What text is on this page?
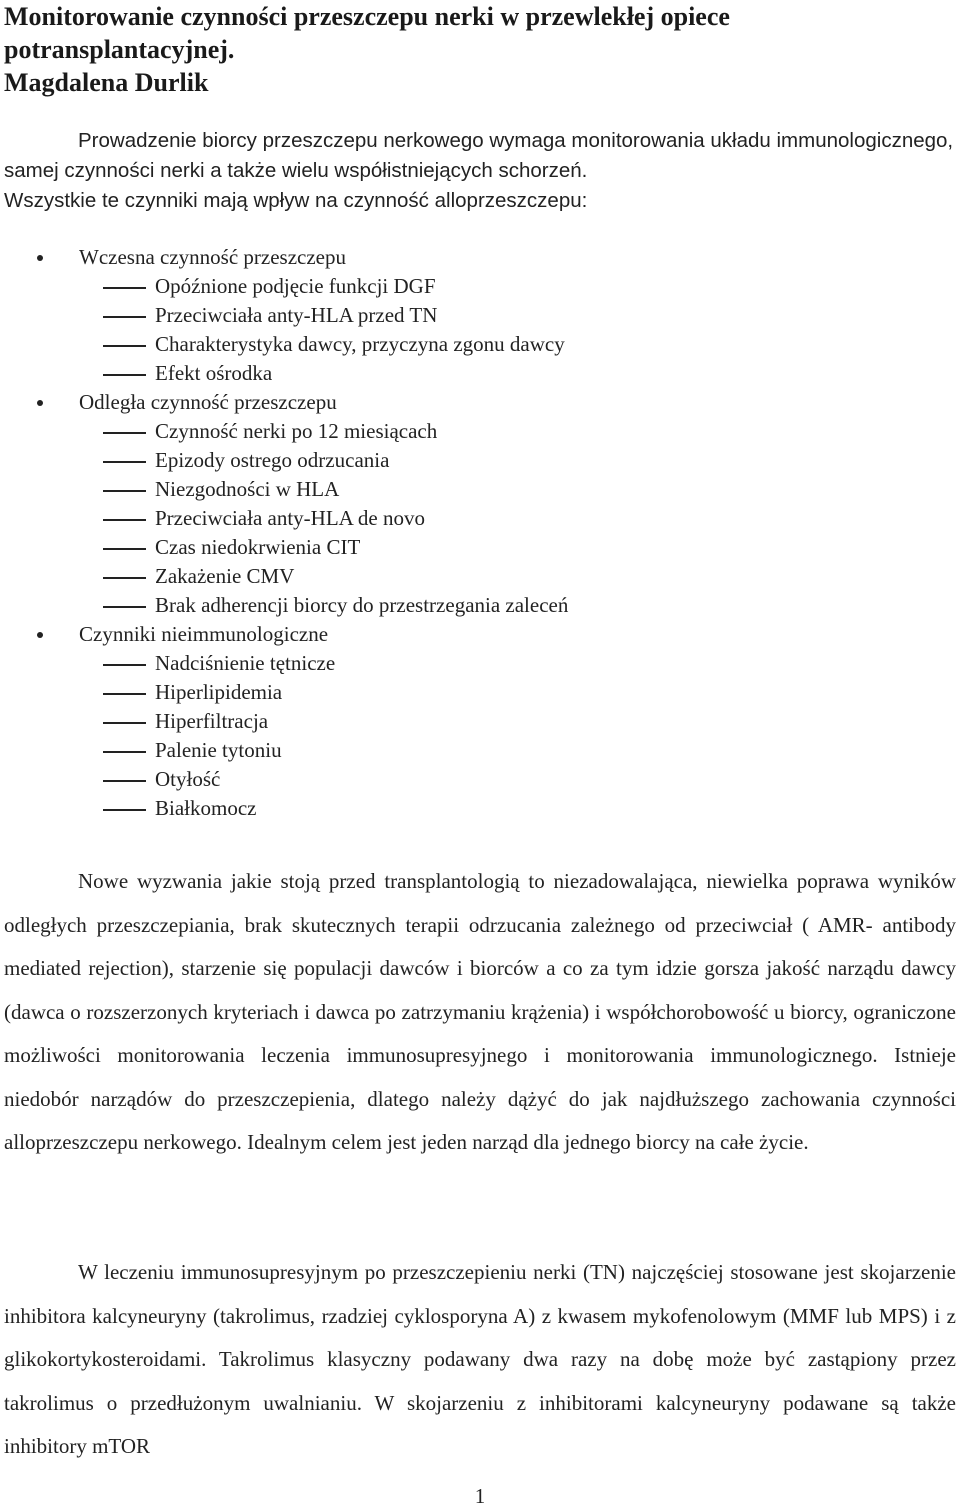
Monitorowanie czynności przeszczepu nerki w przewlekłej opiece
potransplantacyjnej.
Magdalena Durlik

Prowadzenie biorcy przeszczepu nerkowego wymaga monitorowania układu immunologicznego, samej czynności nerki a także wielu współistniejących schorzeń.

Wszystkie te czynniki mają wpływ na czynność alloprzeszczepu:

Wczesna czynność przeszczepu
Opóźnione podjęcie funkcji DGF
Przeciwciała anty-HLA przed TN
Charakterystyka dawcy, przyczyna zgonu dawcy
Efekt ośrodka
Odległa czynność przeszczepu
Czynność nerki po 12 miesiącach
Epizody ostrego odrzucania
Niezgodności w HLA
Przeciwciała anty-HLA de novo
Czas niedokrwienia CIT
Zakażenie CMV
Brak adherencji biorcy do przestrzegania zaleceń
Czynniki nieimmunologiczne
Nadciśnienie tętnicze
Hiperlipidemia
Hiperfiltracja
Palenie tytoniu
Otyłość
Białkomocz

Nowe wyzwania jakie stoją przed transplantologią to niezadowalająca, niewielka poprawa wyników odległych przeszczepiania, brak skutecznych terapii odrzucania zależnego od przeciwciał ( AMR- antibody mediated rejection), starzenie się populacji dawców i biorców a co za tym idzie gorsza jakość narządu dawcy (dawca o rozszerzonych kryteriach i dawca po zatrzymaniu krążenia) i współchorobowość u biorcy, ograniczone możliwości monitorowania leczenia immunosupresyjnego i monitorowania immunologicznego. Istnieje niedobór narządów do przeszczepienia, dlatego należy dążyć do jak najdłuższego zachowania czynności alloprzeszczepu nerkowego. Idealnym celem jest jeden narząd dla jednego biorcy na całe życie.

W leczeniu immunosupresyjnym po przeszczepieniu nerki (TN) najczęściej stosowane jest skojarzenie inhibitora kalcyneuryny (takrolimus, rzadziej cyklosporyna A) z kwasem mykofenolowym (MMF lub MPS) i z glikokortykosteroidami. Takrolimus klasyczny podawany dwa razy na dobę może być zastąpiony przez takrolimus o przedłużonym uwalnianiu. W skojarzeniu z inhibitorami kalcyneuryny podawane są także inhibitory mTOR

1
